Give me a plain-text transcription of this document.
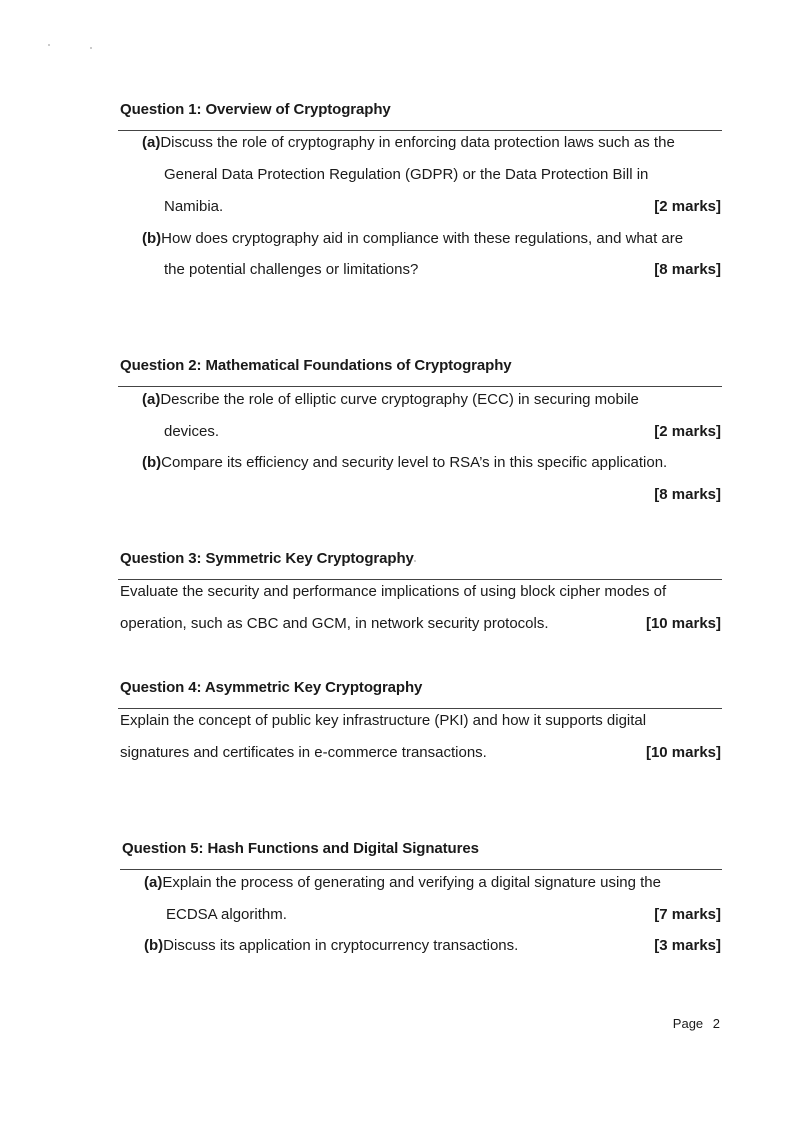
Question 1: Overview of Cryptography
(a)Discuss the role of cryptography in enforcing data protection laws such as the
General Data Protection Regulation (GDPR) or the Data Protection Bill in
Namibia.	[2 marks]
(b)How does cryptography aid in compliance with these regulations, and what are
the potential challenges or limitations?	[8 marks]
Question 2: Mathematical Foundations of Cryptography
(a)Describe the role of elliptic curve cryptography (ECC) in securing mobile
devices.	[2 marks]
(b)Compare its efficiency and security level to RSA’s in this specific application.
[8 marks]
Question 3: Symmetric Key Cryptography
Evaluate the security and performance implications of using block cipher modes of
operation, such as CBC and GCM, in network security protocols.	[10 marks]
Question 4: Asymmetric Key Cryptography
Explain the concept of public key infrastructure (PKI) and how it supports digital
signatures and certificates in e-commerce transactions.	[10 marks]
Question 5: Hash Functions and Digital Signatures
(a)Explain the process of generating and verifying a digital signature using the
ECDSA algorithm.	[7 marks]
(b)Discuss its application in cryptocurrency transactions.	[3 marks]
Page 2
